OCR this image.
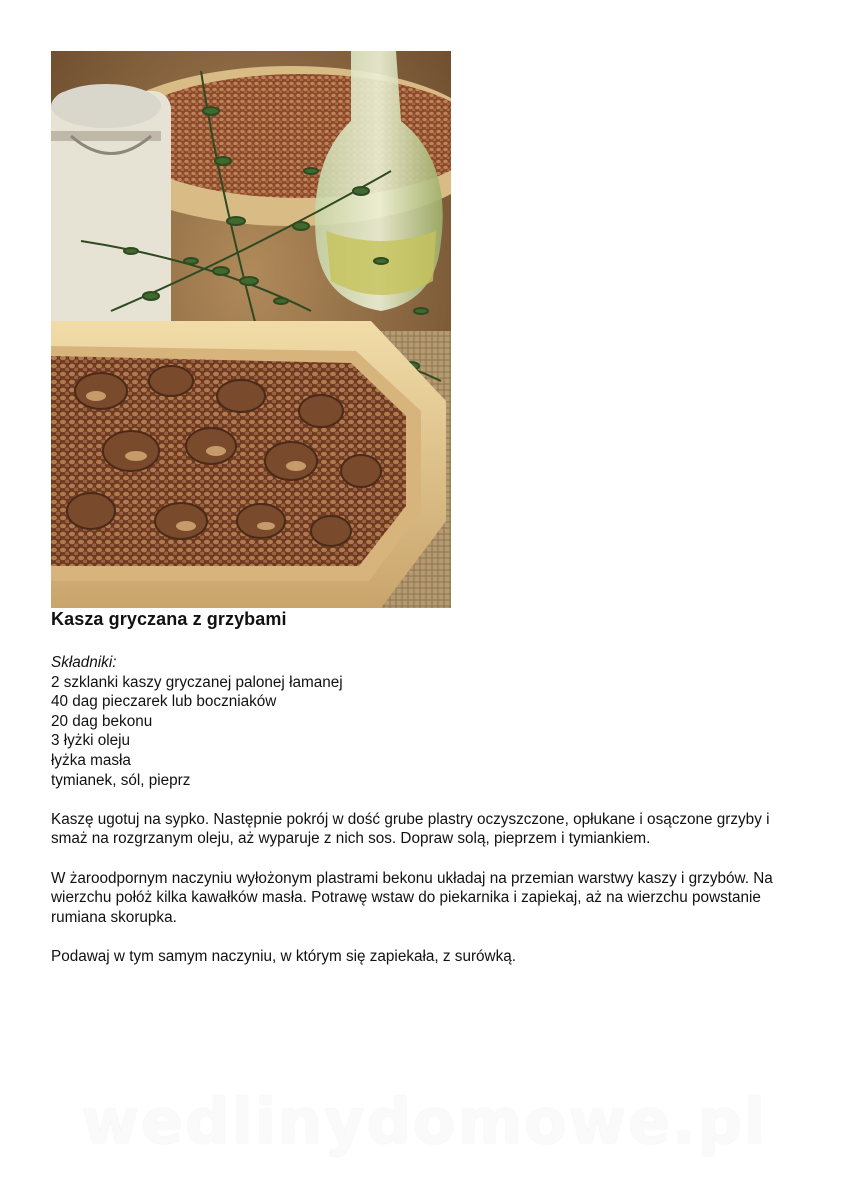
Kasza gryczana z grzybami
Składniki:
2 szklanki kaszy gryczanej palonej łamanej
40 dag pieczarek lub boczniaków
20 dag bekonu
3 łyżki oleju
łyżka masła
tymianek, sól, pieprz

Kaszę ugotuj na sypko. Następnie pokrój w dość grube plastry oczyszczone, opłukane i osączone grzyby i smaż na rozgrzanym oleju, aż wyparuje z nich sos. Dopraw solą, pieprzem i tymiankiem.

W żaroodpornym naczyniu wyłożonym plastrami bekonu układaj na przemian warstwy kaszy i grzybów. Na wierzchu połóż kilka kawałków masła. Potrawę wstaw do piekarnika i zapiekaj, aż na wierzchu powstanie rumiana skorupka.

Podawaj w tym samym naczyniu, w którym się zapiekała, z surówką.

wedlinydomowe.pl
